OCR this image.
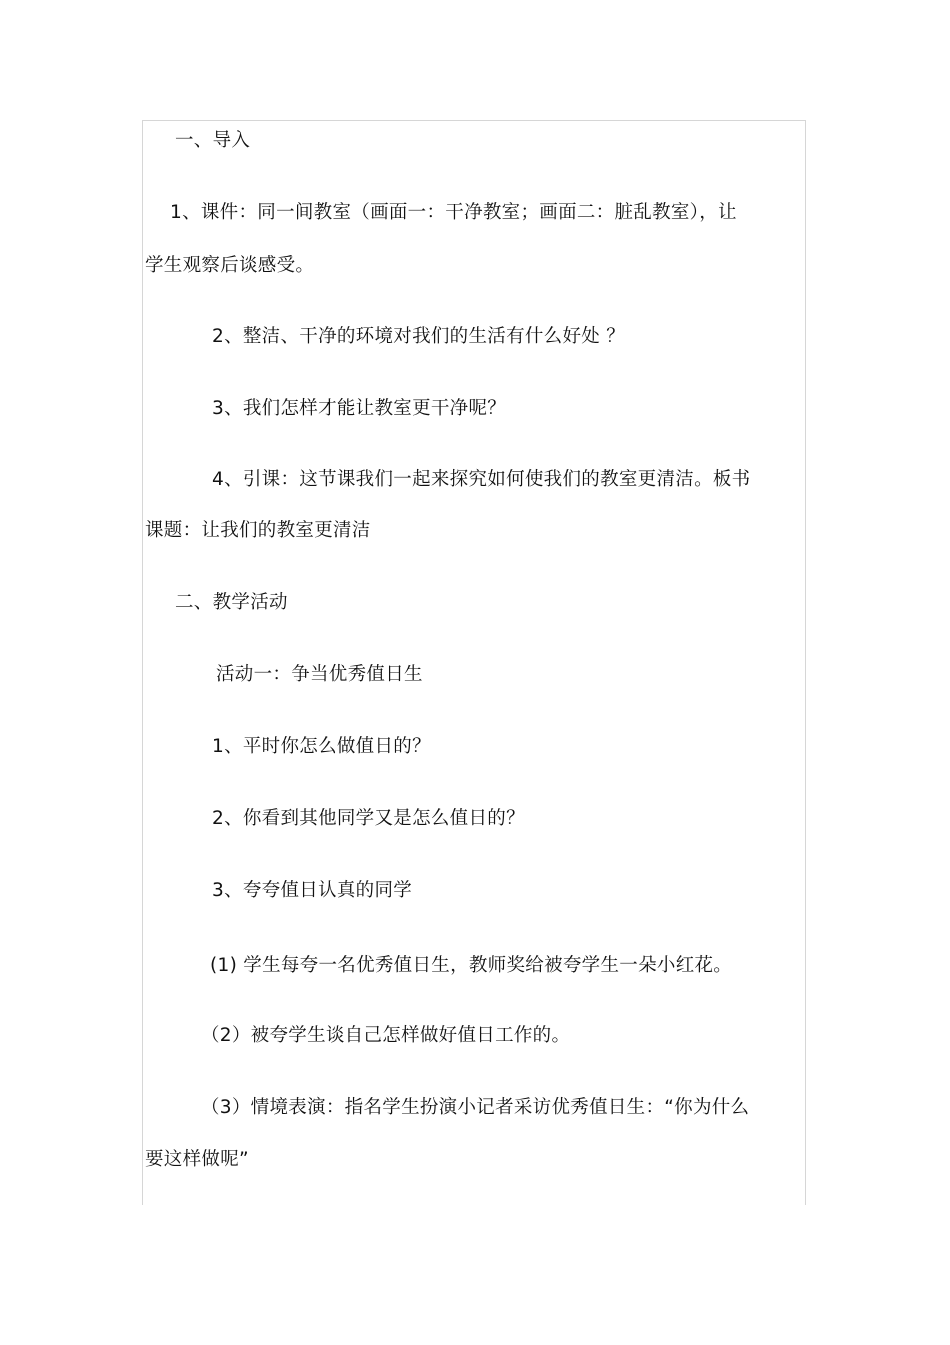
一、导入
1、课件：同一间教室（画面一：干净教室；画面二：脏乱教室），让
学生观察后谈感受。
2、整洁、干净的环境对我们的生活有什么好处 ？
3、我们怎样才能让教室更干净呢？
4、引课：这节课我们一起来探究如何使我们的教室更清洁。板书
课题：让我们的教室更清洁
二、教学活动
活动一：争当优秀值日生
1、平时你怎么做值日的？
2、你看到其他同学又是怎么值日的？
3、夸夸值日认真的同学
(1) 学生每夸一名优秀值日生，教师奖给被夸学生一朵小红花。
（2）被夸学生谈自己怎样做好值日工作的。
（3）情境表演：指名学生扮演小记者采访优秀值日生：“你为什么
要这样做呢”
